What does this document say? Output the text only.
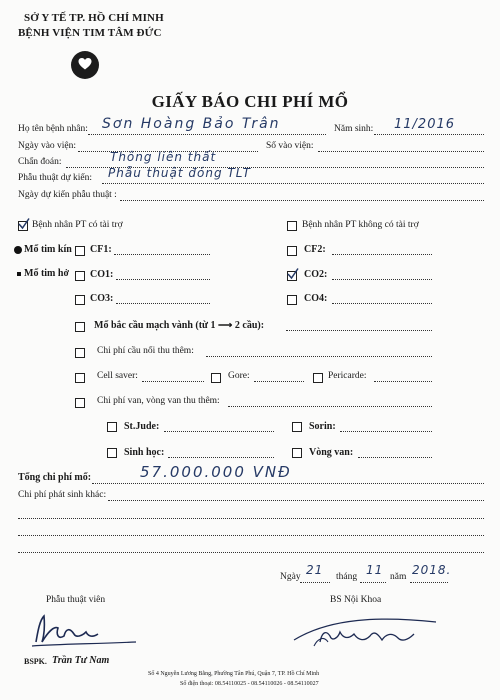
SỞ Y TẾ TP. HỒ CHÍ MINH
BỆNH VIỆN TIM TÂM ĐỨC
GIẤY BÁO CHI PHÍ MỔ
Họ tên bệnh nhân: Sơn Hoàng Bảo Trân	Năm sinh: 11/2016
Ngày vào viện:	Số vào viện:
Chẩn đoán:	Thông liên thất
Phẫu thuật dự kiến: Phẫu thuật đóng TLT
Ngày dự kiến phẫu thuật :
Bệnh nhân PT có tài trợ	Bệnh nhân PT không có tài trợ
Mổ tim kín CF1:	CF2:
Mổ tim hở CO1:	CO2:
CO3:	CO4:
Mổ bắc cầu mạch vành (từ 1 ⟶ 2 cầu):
Chi phí cầu nối thu thêm:
Cell saver:	Gore:	Pericarde:
Chi phí van, vòng van thu thêm:
St.Jude:	Sorin:
Sinh học:	Vòng van:
Tổng chi phí mổ:	57.000.000 VNĐ
Chi phí phát sinh khác:
Ngày 21 tháng 11 năm 2018.
Phẫu thuật viên
BSPK. Trần Tư Nam
BS Nội Khoa
Số 4 Nguyễn Lương Bằng, Phường Tân Phú, Quận 7, TP. Hồ Chí Minh
Số điện thoại: 08.54110025 - 08.54110026 - 08.54110027
